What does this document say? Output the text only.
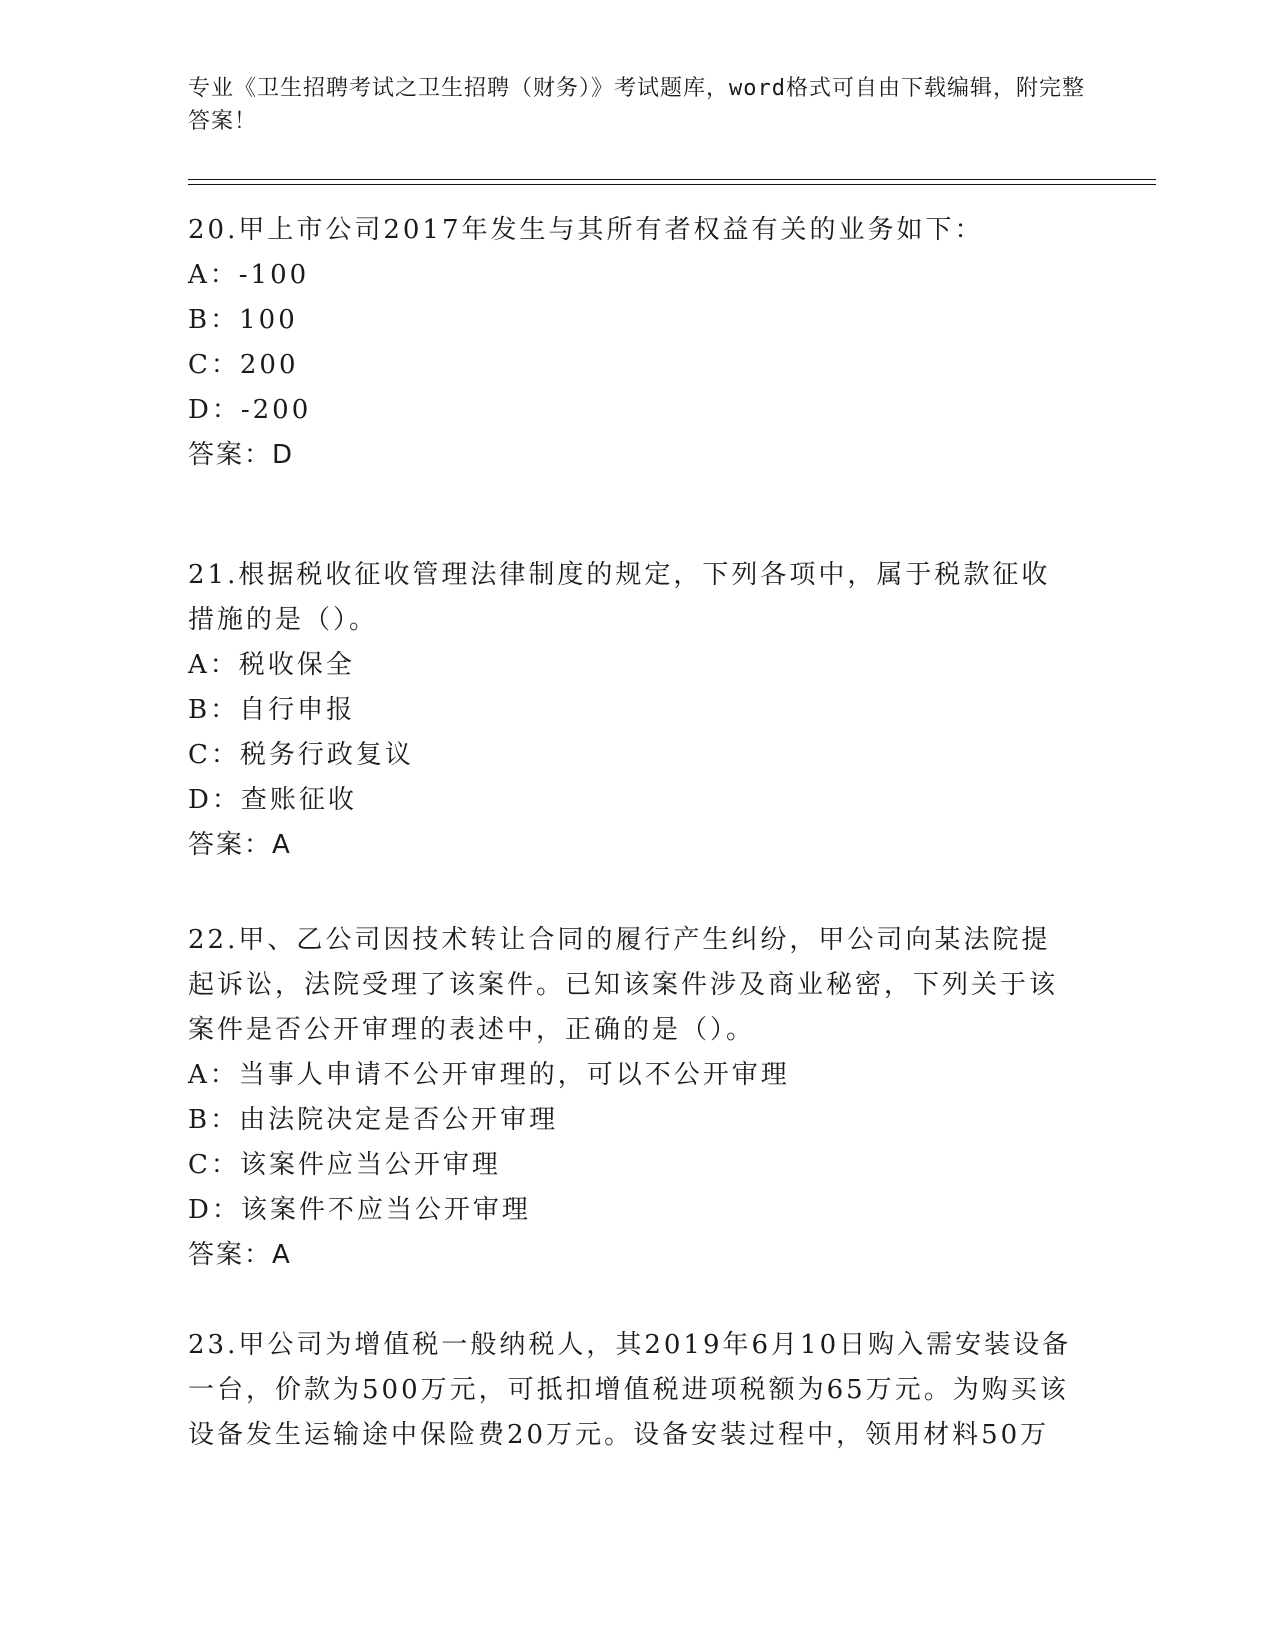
专业《卫生招聘考试之卫生招聘（财务）》考试题库，word格式可自由下载编辑，附完整答案！

20.甲上市公司2017年发生与其所有者权益有关的业务如下：

A：-100

B：100

C：200

D：-200

答案：D

21.根据税收征收管理法律制度的规定，下列各项中，属于税款征收措施的是（）。

A：税收保全

B：自行申报

C：税务行政复议

D：查账征收

答案：A

22.甲、乙公司因技术转让合同的履行产生纠纷，甲公司向某法院提起诉讼，法院受理了该案件。已知该案件涉及商业秘密，下列关于该案件是否公开审理的表述中，正确的是（）。

A：当事人申请不公开审理的，可以不公开审理

B：由法院决定是否公开审理

C：该案件应当公开审理

D：该案件不应当公开审理

答案：A

23.甲公司为增值税一般纳税人，其2019年6月10日购入需安装设备一台，价款为500万元，可抵扣增值税进项税额为65万元。为购买该设备发生运输途中保险费20万元。设备安装过程中，领用材料50万
